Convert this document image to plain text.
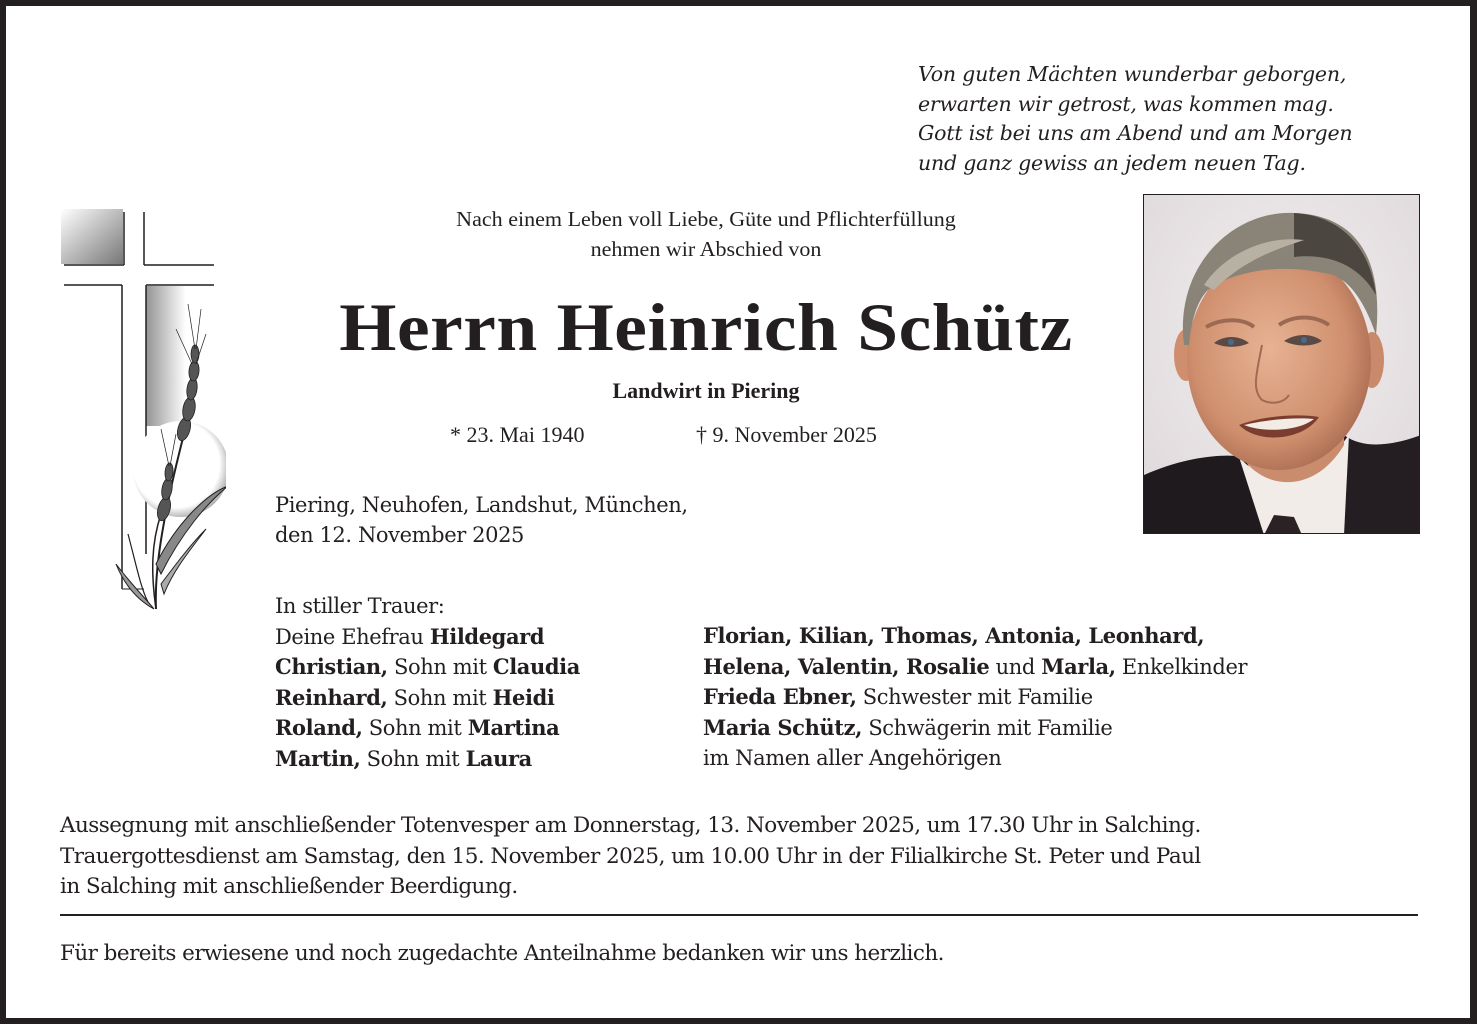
Von guten Mächten wunderbar geborgen,
erwarten wir getrost, was kommen mag.
Gott ist bei uns am Abend und am Morgen
und ganz gewiss an jedem neuen Tag.
Nach einem Leben voll Liebe, Güte und Pflichterfüllung
nehmen wir Abschied von
Herrn Heinrich Schütz
Landwirt in Piering
* 23. Mai 1940	† 9. November 2025
Piering, Neuhofen, Landshut, München,
den 12. November 2025
In stiller Trauer:
Deine Ehefrau Hildegard
Christian, Sohn mit Claudia
Reinhard, Sohn mit Heidi
Roland, Sohn mit Martina
Martin, Sohn mit Laura
Florian, Kilian, Thomas, Antonia, Leonhard,
Helena, Valentin, Rosalie und Marla, Enkelkinder
Frieda Ebner, Schwester mit Familie
Maria Schütz, Schwägerin mit Familie
im Namen aller Angehörigen
Aussegnung mit anschließender Totenvesper am Donnerstag, 13. November 2025, um 17.30 Uhr in Salching.
Trauergottesdienst am Samstag, den 15. November 2025, um 10.00 Uhr in der Filialkirche St. Peter und Paul
in Salching mit anschließender Beerdigung.
Für bereits erwiesene und noch zugedachte Anteilnahme bedanken wir uns herzlich.
